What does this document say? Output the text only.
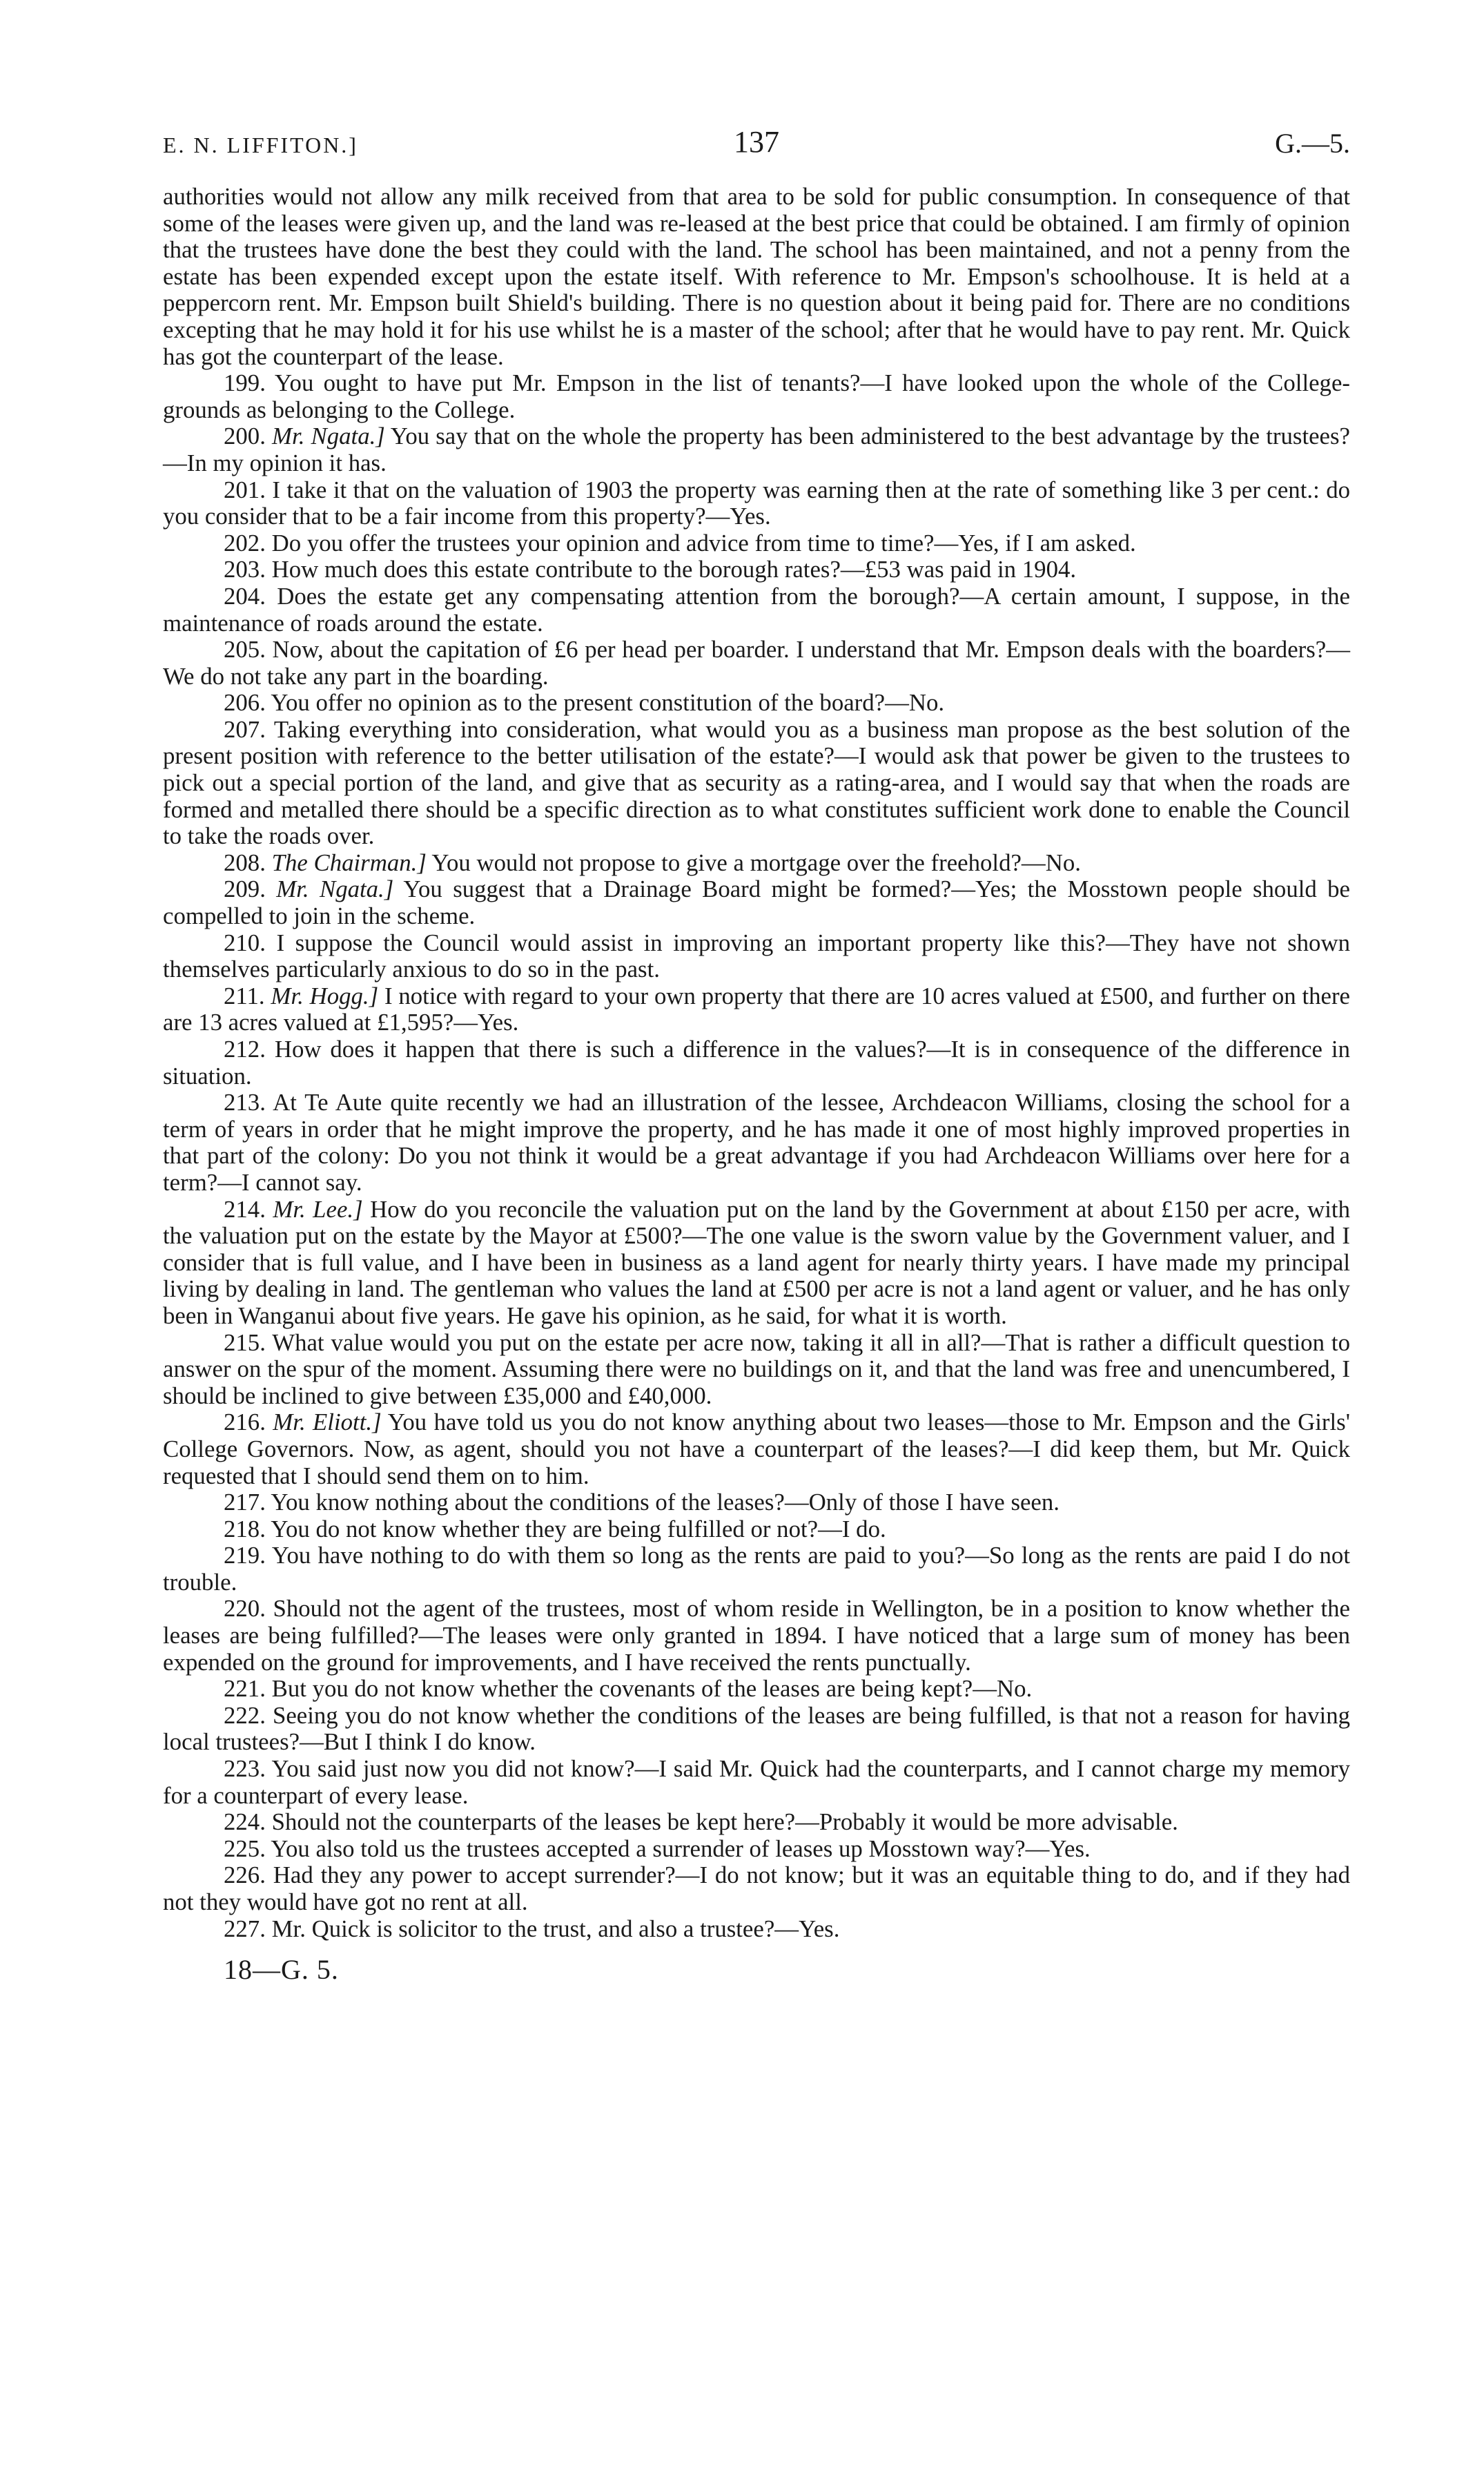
E. N. LIFFITON.]	137	G.—5.

authorities would not allow any milk received from that area to be sold for public consumption. In consequence of that some of the leases were given up, and the land was re-leased at the best price that could be obtained. I am firmly of opinion that the trustees have done the best they could with the land. The school has been maintained, and not a penny from the estate has been expended except upon the estate itself. With reference to Mr. Empson's schoolhouse. It is held at a peppercorn rent. Mr. Empson built Shield's building. There is no question about it being paid for. There are no conditions excepting that he may hold it for his use whilst he is a master of the school; after that he would have to pay rent. Mr. Quick has got the counterpart of the lease.

199. You ought to have put Mr. Empson in the list of tenants?—I have looked upon the whole of the College-grounds as belonging to the College.

200. Mr. Ngata.] You say that on the whole the property has been administered to the best advantage by the trustees?—In my opinion it has.

201. I take it that on the valuation of 1903 the property was earning then at the rate of something like 3 per cent.: do you consider that to be a fair income from this property?—Yes.

202. Do you offer the trustees your opinion and advice from time to time?—Yes, if I am asked.

203. How much does this estate contribute to the borough rates?—£53 was paid in 1904.

204. Does the estate get any compensating attention from the borough?—A certain amount, I suppose, in the maintenance of roads around the estate.

205. Now, about the capitation of £6 per head per boarder. I understand that Mr. Empson deals with the boarders?—We do not take any part in the boarding.

206. You offer no opinion as to the present constitution of the board?—No.

207. Taking everything into consideration, what would you as a business man propose as the best solution of the present position with reference to the better utilisation of the estate?—I would ask that power be given to the trustees to pick out a special portion of the land, and give that as security as a rating-area, and I would say that when the roads are formed and metalled there should be a specific direction as to what constitutes sufficient work done to enable the Council to take the roads over.

208. The Chairman.] You would not propose to give a mortgage over the freehold?—No.

209. Mr. Ngata.] You suggest that a Drainage Board might be formed?—Yes; the Mosstown people should be compelled to join in the scheme.

210. I suppose the Council would assist in improving an important property like this?—They have not shown themselves particularly anxious to do so in the past.

211. Mr. Hogg.] I notice with regard to your own property that there are 10 acres valued at £500, and further on there are 13 acres valued at £1,595?—Yes.

212. How does it happen that there is such a difference in the values?—It is in consequence of the difference in situation.

213. At Te Aute quite recently we had an illustration of the lessee, Archdeacon Williams, closing the school for a term of years in order that he might improve the property, and he has made it one of most highly improved properties in that part of the colony: Do you not think it would be a great advantage if you had Archdeacon Williams over here for a term?—I cannot say.

214. Mr. Lee.] How do you reconcile the valuation put on the land by the Government at about £150 per acre, with the valuation put on the estate by the Mayor at £500?—The one value is the sworn value by the Government valuer, and I consider that is full value, and I have been in business as a land agent for nearly thirty years. I have made my principal living by dealing in land. The gentleman who values the land at £500 per acre is not a land agent or valuer, and he has only been in Wanganui about five years. He gave his opinion, as he said, for what it is worth.

215. What value would you put on the estate per acre now, taking it all in all?—That is rather a difficult question to answer on the spur of the moment. Assuming there were no buildings on it, and that the land was free and unencumbered, I should be inclined to give between £35,000 and £40,000.

216. Mr. Eliott.] You have told us you do not know anything about two leases—those to Mr. Empson and the Girls' College Governors. Now, as agent, should you not have a counterpart of the leases?—I did keep them, but Mr. Quick requested that I should send them on to him.

217. You know nothing about the conditions of the leases?—Only of those I have seen.

218. You do not know whether they are being fulfilled or not?—I do.

219. You have nothing to do with them so long as the rents are paid to you?—So long as the rents are paid I do not trouble.

220. Should not the agent of the trustees, most of whom reside in Wellington, be in a position to know whether the leases are being fulfilled?—The leases were only granted in 1894. I have noticed that a large sum of money has been expended on the ground for improvements, and I have received the rents punctually.

221. But you do not know whether the covenants of the leases are being kept?—No.

222. Seeing you do not know whether the conditions of the leases are being fulfilled, is that not a reason for having local trustees?—But I think I do know.

223. You said just now you did not know?—I said Mr. Quick had the counterparts, and I cannot charge my memory for a counterpart of every lease.

224. Should not the counterparts of the leases be kept here?—Probably it would be more advisable.

225. You also told us the trustees accepted a surrender of leases up Mosstown way?—Yes.

226. Had they any power to accept surrender?—I do not know; but it was an equitable thing to do, and if they had not they would have got no rent at all.

227. Mr. Quick is solicitor to the trust, and also a trustee?—Yes.

18—G. 5.
